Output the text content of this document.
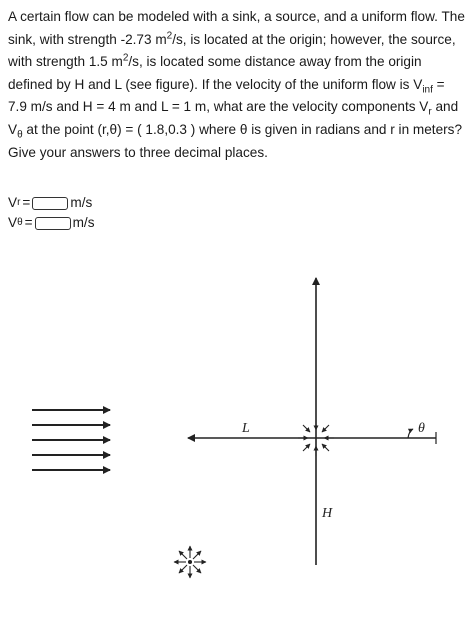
A certain flow can be modeled with a sink, a source, and a uniform flow. The sink, with strength -2.73 $m^2/s$, is located at the origin; however, the source, with strength 1.5 $m^2/s$, is located some distance away from the origin defined by H and L (see figure). If the velocity of the uniform flow is $V_{inf} = 7.9$ m/s and H = 4 m and L = 1 m, what are the velocity components $V_r$ and $V_\theta$ at the point (r,θ) = ( 1.8,0.3 ) where θ is given in radians and r in meters? Give your answers to three decimal places.

V r =	m/s
V θ =	m/s
L
H
θ
